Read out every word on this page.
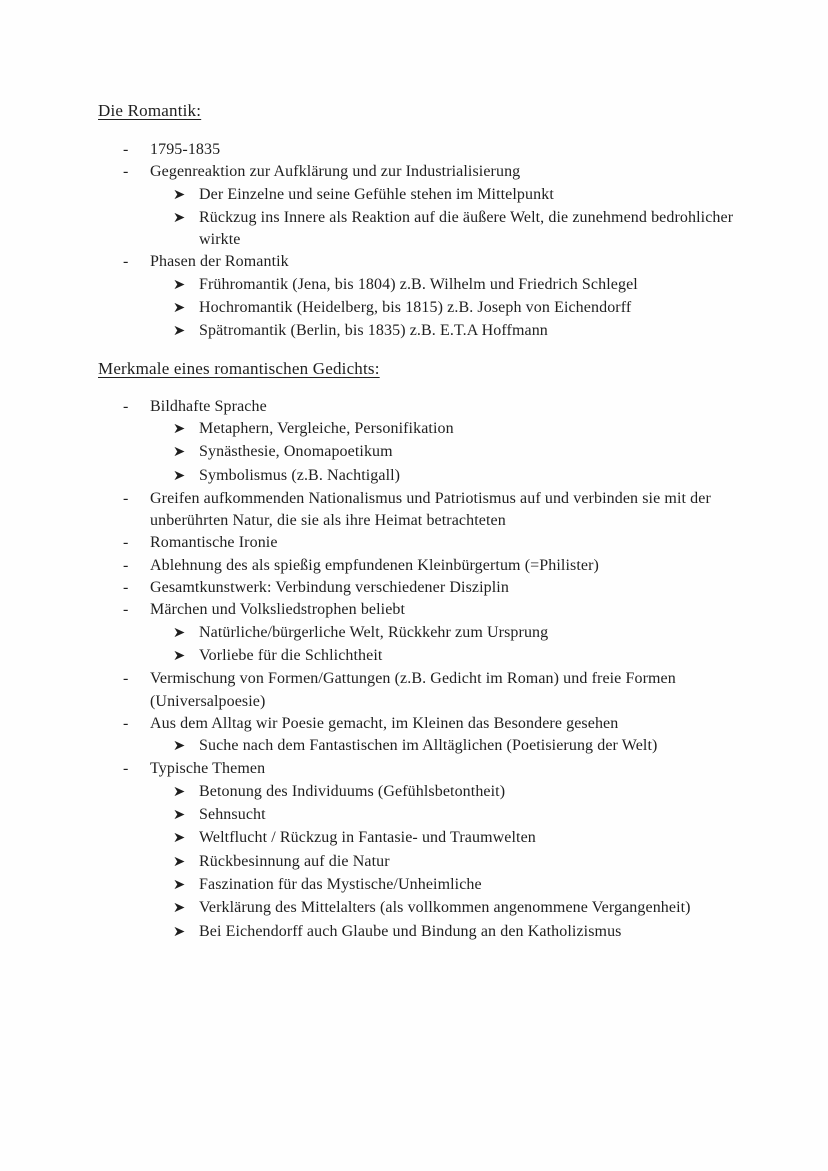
Die Romantik:
-	1795-1835
-	Gegenreaktion zur Aufklärung und zur Industrialisierung
Der Einzelne und seine Gefühle stehen im Mittelpunkt
Rückzug ins Innere als Reaktion auf die äußere Welt, die zunehmend bedrohlicher wirkte
-	Phasen der Romantik
Frühromantik (Jena, bis 1804) z.B. Wilhelm und Friedrich Schlegel
Hochromantik (Heidelberg, bis 1815) z.B. Joseph von Eichendorff
Spätromantik (Berlin, bis 1835) z.B. E.T.A Hoffmann
Merkmale eines romantischen Gedichts:
-	Bildhafte Sprache
Metaphern, Vergleiche, Personifikation
Synästhesie, Onomapoetikum
Symbolismus (z.B. Nachtigall)
-	Greifen aufkommenden Nationalismus und Patriotismus auf und verbinden sie mit der unberührten Natur, die sie als ihre Heimat betrachteten
-	Romantische Ironie
-	Ablehnung des als spießig empfundenen Kleinbürgertum (=Philister)
-	Gesamtkunstwerk: Verbindung verschiedener Disziplin
-	Märchen und Volksliedstrophen beliebt
Natürliche/bürgerliche Welt, Rückkehr zum Ursprung
Vorliebe für die Schlichtheit
-	Vermischung von Formen/Gattungen (z.B. Gedicht im Roman) und freie Formen (Universalpoesie)
-	Aus dem Alltag wir Poesie gemacht, im Kleinen das Besondere gesehen
Suche nach dem Fantastischen im Alltäglichen (Poetisierung der Welt)
-	Typische Themen
Betonung des Individuums (Gefühlsbetontheit)
Sehnsucht
Weltflucht / Rückzug in Fantasie- und Traumwelten
Rückbesinnung auf die Natur
Faszination für das Mystische/Unheimliche
Verklärung des Mittelalters (als vollkommen angenommene Vergangenheit)
Bei Eichendorff auch Glaube und Bindung an den Katholizismus
